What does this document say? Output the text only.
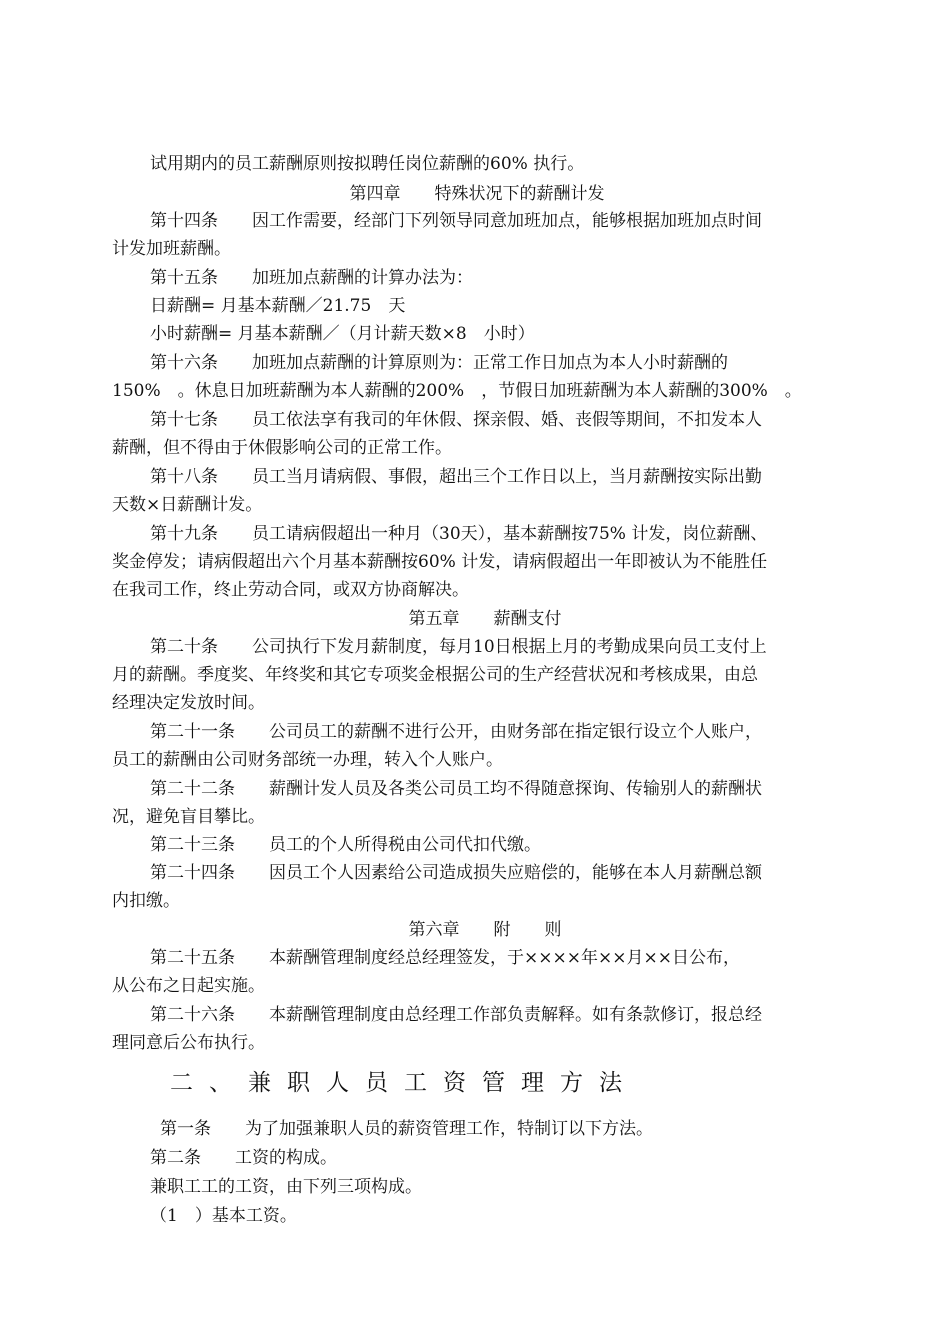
试用期内的员工薪酬原则按拟聘任岗位薪酬的60% 执行。
第四章　　特殊状况下的薪酬计发
第十四条　　因工作需要，经部门下列领导同意加班加点，能够根据加班加点时间
计发加班薪酬。
第十五条　　加班加点薪酬的计算办法为：
日薪酬= 月基本薪酬／21.75　天
小时薪酬= 月基本薪酬／（月计薪天数×8　小时）
第十六条　　加班加点薪酬的计算原则为：正常工作日加点为本人小时薪酬的
150%　。休息日加班薪酬为本人薪酬的200%　，节假日加班薪酬为本人薪酬的300%　。
第十七条　　员工依法享有我司的年休假、探亲假、婚、丧假等期间，不扣发本人
薪酬，但不得由于休假影响公司的正常工作。
第十八条　　员工当月请病假、事假，超出三个工作日以上，当月薪酬按实际出勤
天数×日薪酬计发。
第十九条　　员工请病假超出一种月（30天），基本薪酬按75% 计发，岗位薪酬、
奖金停发；请病假超出六个月基本薪酬按60% 计发，请病假超出一年即被认为不能胜任
在我司工作，终止劳动合同，或双方协商解决。
第五章　　薪酬支付
第二十条　　公司执行下发月薪制度，每月10日根据上月的考勤成果向员工支付上
月的薪酬。季度奖、年终奖和其它专项奖金根据公司的生产经营状况和考核成果，由总
经理决定发放时间。
第二十一条　　公司员工的薪酬不进行公开，由财务部在指定银行设立个人账户，
员工的薪酬由公司财务部统一办理，转入个人账户。
第二十二条　　薪酬计发人员及各类公司员工均不得随意探询、传输别人的薪酬状
况，避免盲目攀比。
第二十三条　　员工的个人所得税由公司代扣代缴。
第二十四条　　因员工个人因素给公司造成损失应赔偿的，能够在本人月薪酬总额
内扣缴。
第六章　　附　　则
第二十五条　　本薪酬管理制度经总经理签发，于××××年××月××日公布，
从公布之日起实施。
第二十六条　　本薪酬管理制度由总经理工作部负责解释。如有条款修订，报总经
理同意后公布执行。
二、兼职人员工资管理方法
第一条　　为了加强兼职人员的薪资管理工作，特制订以下方法。
第二条　　工资的构成。
兼职工工的工资，由下列三项构成。
（1　）基本工资。
